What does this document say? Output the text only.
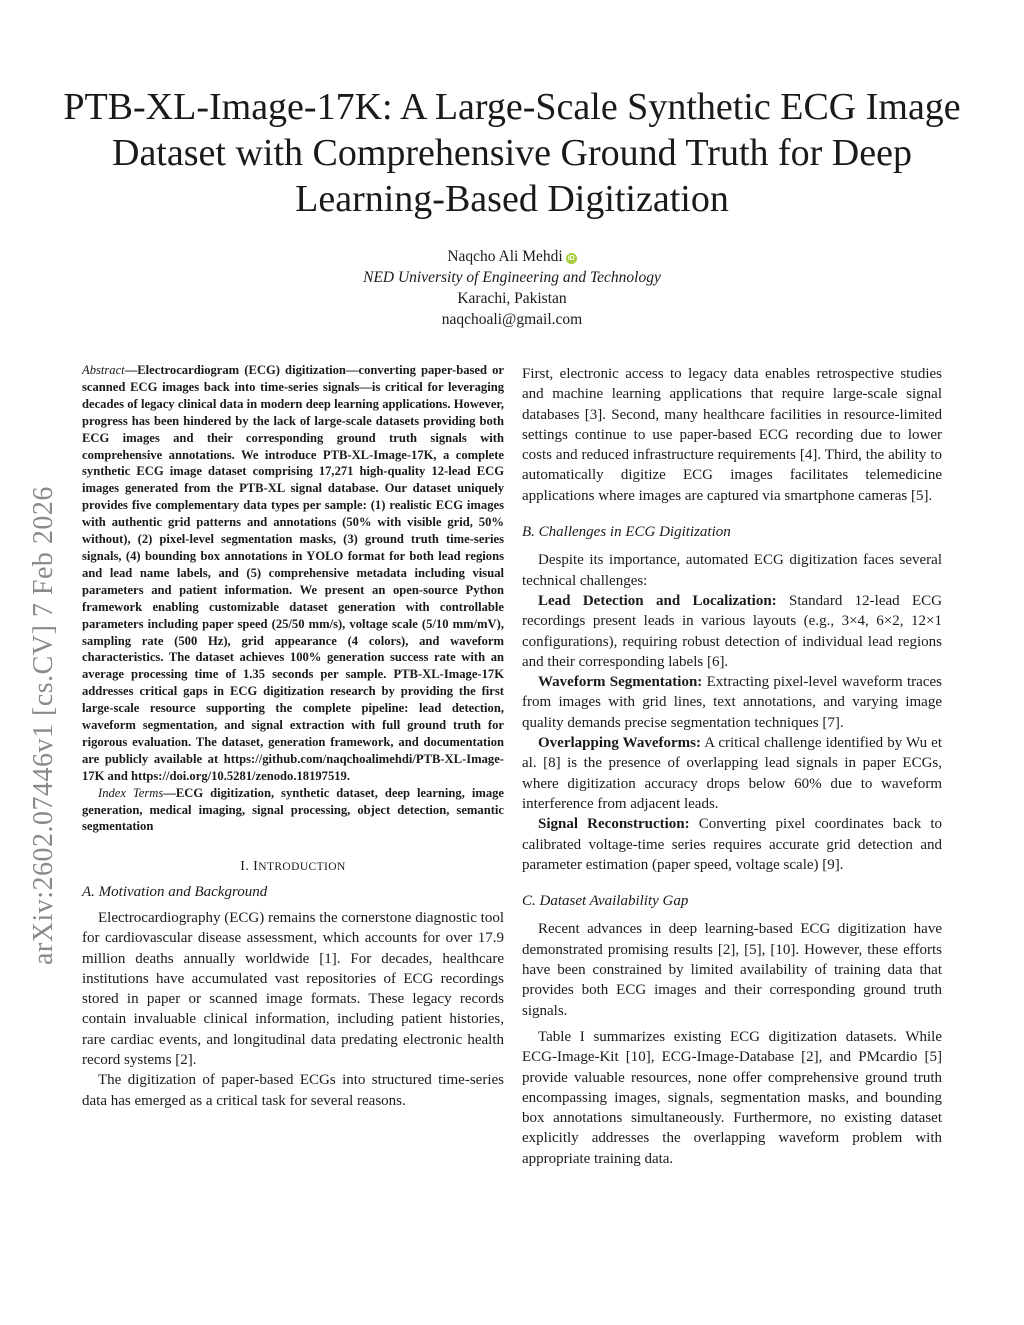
PTB-XL-Image-17K: A Large-Scale Synthetic ECG Image Dataset with Comprehensive Ground Truth for Deep Learning-Based Digitization
Naqcho Ali Mehdi iD
NED University of Engineering and Technology
Karachi, Pakistan
naqchoali@gmail.com
arXiv:2602.07446v1 [cs.CV] 7 Feb 2026

Abstract—Electrocardiogram (ECG) digitization—converting paper-based or scanned ECG images back into time-series signals—is critical for leveraging decades of legacy clinical data in modern deep learning applications. However, progress has been hindered by the lack of large-scale datasets providing both ECG images and their corresponding ground truth signals with comprehensive annotations. We introduce PTB-XL-Image-17K, a complete synthetic ECG image dataset comprising 17,271 high-quality 12-lead ECG images generated from the PTB-XL signal database. Our dataset uniquely provides five complementary data types per sample: (1) realistic ECG images with authentic grid patterns and annotations (50% with visible grid, 50% without), (2) pixel-level segmentation masks, (3) ground truth time-series signals, (4) bounding box annotations in YOLO format for both lead regions and lead name labels, and (5) comprehensive metadata including visual parameters and patient information. We present an open-source Python framework enabling customizable dataset generation with controllable parameters including paper speed (25/50 mm/s), voltage scale (5/10 mm/mV), sampling rate (500 Hz), grid appearance (4 colors), and waveform characteristics. The dataset achieves 100% generation success rate with an average processing time of 1.35 seconds per sample. PTB-XL-Image-17K addresses critical gaps in ECG digitization research by providing the first large-scale resource supporting the complete pipeline: lead detection, waveform segmentation, and signal extraction with full ground truth for rigorous evaluation. The dataset, generation framework, and documentation are publicly available at https://github.com/naqchoalimehdi/PTB-XL-Image-17K and https://doi.org/10.5281/zenodo.18197519.

Index Terms—ECG digitization, synthetic dataset, deep learning, image generation, medical imaging, signal processing, object detection, semantic segmentation

I. INTRODUCTION
A. Motivation and Background

Electrocardiography (ECG) remains the cornerstone diagnostic tool for cardiovascular disease assessment, which accounts for over 17.9 million deaths annually worldwide [1]. For decades, healthcare institutions have accumulated vast repositories of ECG recordings stored in paper or scanned image formats. These legacy records contain invaluable clinical information, including patient histories, rare cardiac events, and longitudinal data predating electronic health record systems [2].

The digitization of paper-based ECGs into structured time-series data has emerged as a critical task for several reasons.

First, electronic access to legacy data enables retrospective studies and machine learning applications that require large-scale signal databases [3]. Second, many healthcare facilities in resource-limited settings continue to use paper-based ECG recording due to lower costs and reduced infrastructure requirements [4]. Third, the ability to automatically digitize ECG images facilitates telemedicine applications where images are captured via smartphone cameras [5].

B. Challenges in ECG Digitization

Despite its importance, automated ECG digitization faces several technical challenges:

Lead Detection and Localization: Standard 12-lead ECG recordings present leads in various layouts (e.g., 3×4, 6×2, 12×1 configurations), requiring robust detection of individual lead regions and their corresponding labels [6].

Waveform Segmentation: Extracting pixel-level waveform traces from images with grid lines, text annotations, and varying image quality demands precise segmentation techniques [7].

Overlapping Waveforms: A critical challenge identified by Wu et al. [8] is the presence of overlapping lead signals in paper ECGs, where digitization accuracy drops below 60% due to waveform interference from adjacent leads.

Signal Reconstruction: Converting pixel coordinates back to calibrated voltage-time series requires accurate grid detection and parameter estimation (paper speed, voltage scale) [9].

C. Dataset Availability Gap

Recent advances in deep learning-based ECG digitization have demonstrated promising results [2], [5], [10]. However, these efforts have been constrained by limited availability of training data that provides both ECG images and their corresponding ground truth signals.

Table I summarizes existing ECG digitization datasets. While ECG-Image-Kit [10], ECG-Image-Database [2], and PMcardio [5] provide valuable resources, none offer comprehensive ground truth encompassing images, signals, segmentation masks, and bounding box annotations simultaneously. Furthermore, no existing dataset explicitly addresses the overlapping waveform problem with appropriate training data.
